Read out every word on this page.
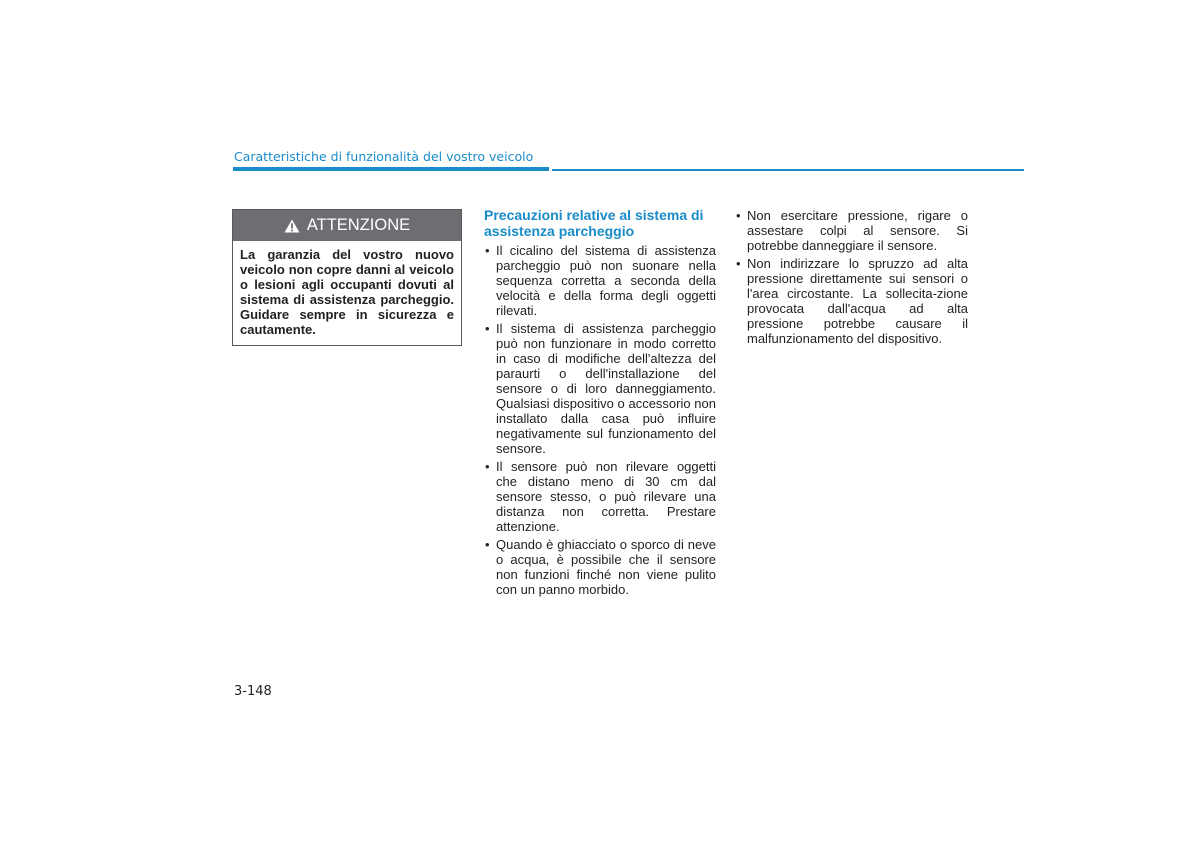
Caratteristiche di funzionalità del vostro veicolo
ATTENZIONE
La garanzia del vostro nuovo veicolo non copre danni al veicolo o lesioni agli occupanti dovuti al sistema di assistenza parcheggio. Guidare sempre in sicurezza e cautamente.
Precauzioni relative al sistema di assistenza parcheggio
• Il cicalino del sistema di assistenza parcheggio può non suonare nella sequenza corretta a seconda della velocità e della forma degli oggetti rilevati.
• Il sistema di assistenza parcheggio può non funzionare in modo corretto in caso di modifiche dell'altezza del paraurti o dell'installazione del sensore o di loro danneggiamento. Qualsiasi dispositivo o accessorio non installato dalla casa può influire negativamente sul funzionamento del sensore.
• Il sensore può non rilevare oggetti che distano meno di 30 cm dal sensore stesso, o può rilevare una distanza non corretta. Prestare attenzione.
• Quando è ghiacciato o sporco di neve o acqua, è possibile che il sensore non funzioni finché non viene pulito con un panno morbido.
• Non esercitare pressione, rigare o assestare colpi al sensore. Si potrebbe danneggiare il sensore.
• Non indirizzare lo spruzzo ad alta pressione direttamente sui sensori o l'area circostante. La sollecita-zione provocata dall'acqua ad alta pressione potrebbe causare il malfunzionamento del dispositivo.
3-148
